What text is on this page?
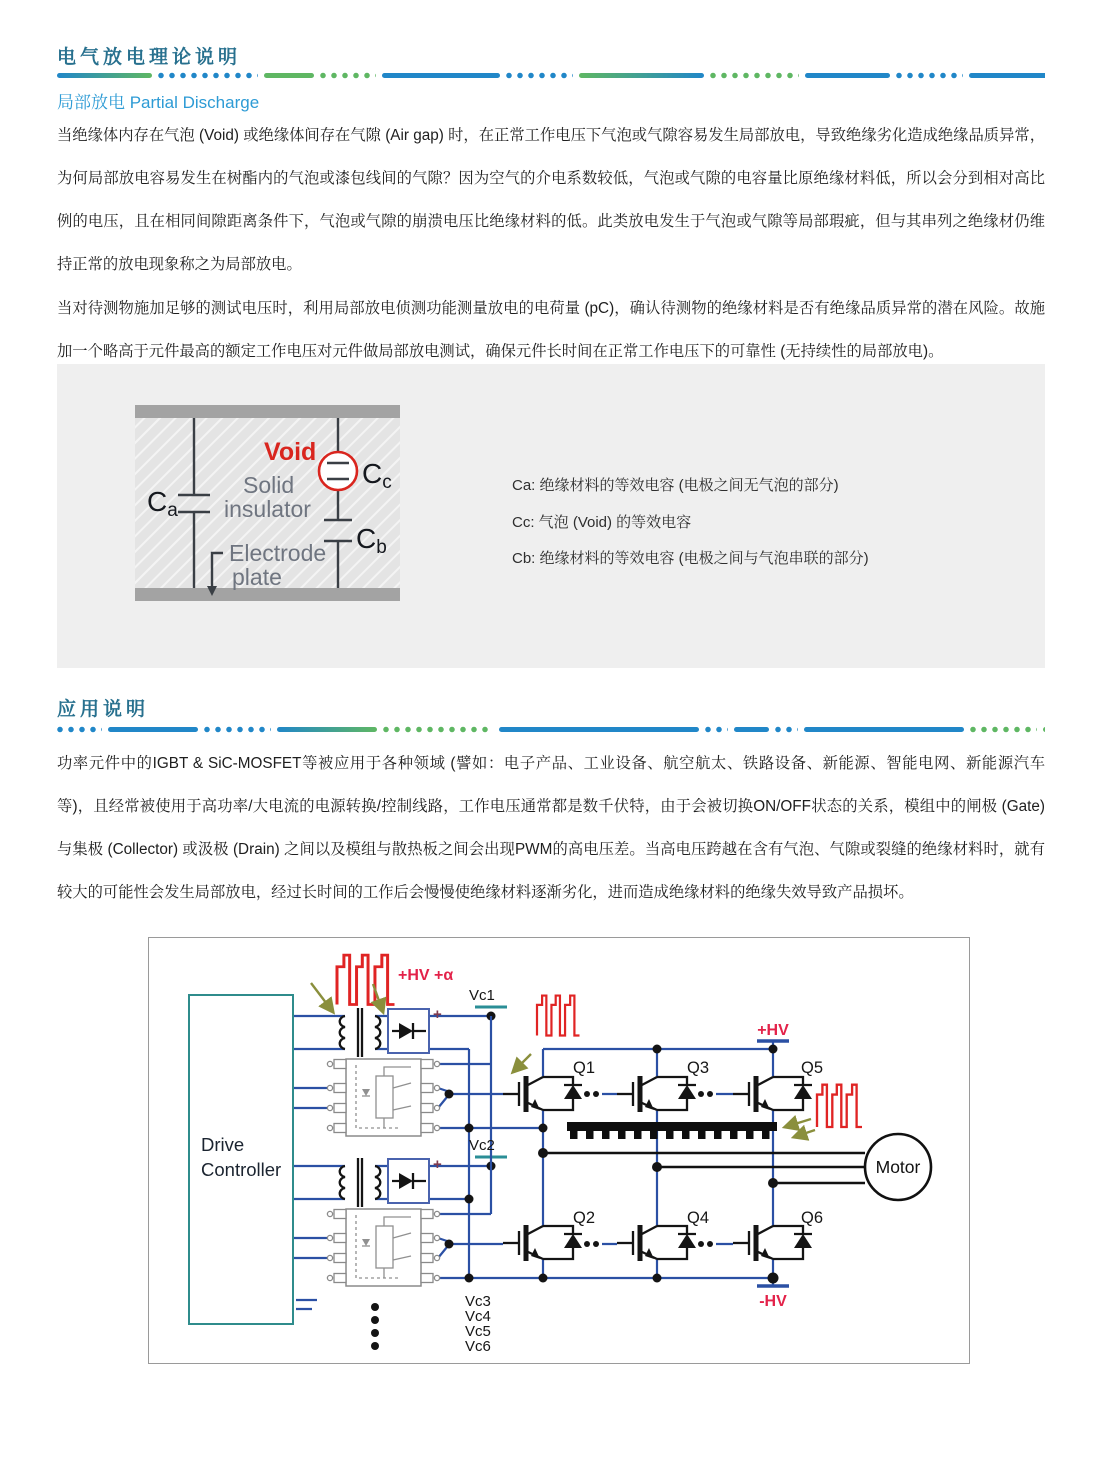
电气放电理论说明
局部放电 Partial Discharge

当绝缘体内存在气泡 (Void) 或绝缘体间存在气隙 (Air gap) 时，在正常工作电压下气泡或气隙容易发生局部放电，导致绝缘劣化造成绝缘品质异常，为何局部放电容易发生在树酯内的气泡或漆包线间的气隙？因为空气的介电系数较低，气泡或气隙的电容量比原绝缘材料低，所以会分到相对高比例的电压，且在相同间隙距离条件下，气泡或气隙的崩溃电压比绝缘材料的低。此类放电发生于气泡或气隙等局部瑕疵，但与其串列之绝缘材仍维持正常的放电现象称之为局部放电。

当对待测物施加足够的测试电压时，利用局部放电侦测功能测量放电的电荷量 (pC)，确认待测物的绝缘材料是否有绝缘品质异常的潜在风险。故施加一个略高于元件最高的额定工作电压对元件做局部放电测试，确保元件长时间在正常工作电压下的可靠性 (无持续性的局部放电)。

Void
Solid
insulator
Electrode
plate
Ca
Cc
Cb
Ca: 绝缘材料的等效电容 (电极之间无气泡的部分)
Cc: 气泡 (Void) 的等效电容
Cb: 绝缘材料的等效电容 (电极之间与气泡串联的部分)
应用说明

功率元件中的IGBT & SiC-MOSFET等被应用于各种领域 (譬如：电子产品、工业设备、航空航太、铁路设备、新能源、智能电网、新能源汽车等)，且经常被使用于高功率/大电流的电源转换/控制线路，工作电压通常都是数千伏特，由于会被切换ON/OFF状态的关系，模组中的闸极 (Gate) 与集极 (Collector) 或汲极 (Drain) 之间以及模组与散热板之间会出现PWM的高电压差。当高电压跨越在含有气泡、气隙或裂缝的绝缘材料时，就有较大的可能性会发生局部放电，经过长时间的工作后会慢慢使绝缘材料逐渐劣化，进而造成绝缘材料的绝缘失效导致产品损坏。

Drive
Controller	Motor
+
+
Vc1
Vc2
Vc3
Vc4
Vc5
Vc6
Q1	Q3	Q5
Q2	Q4	Q6
+HV +α
+HV
-HV
